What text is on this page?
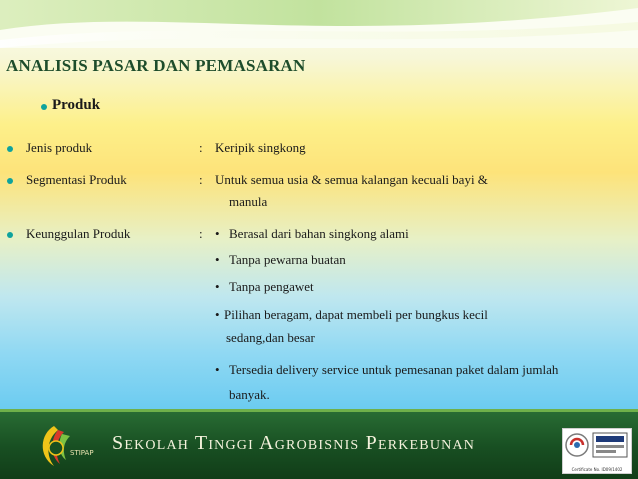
ANALISIS PASAR DAN PEMASARAN
Produk
Jenis produk	: Keripik singkong
Segmentasi Produk	: Untuk semua usia & semua kalangan kecuali bayi &
manula
Keunggulan Produk	: • Berasal dari bahan singkong alami
• Tanpa pewarna buatan
• Tanpa pengawet
• Pilihan beragam, dapat membeli per bungkus kecil
sedang,dan besar
• Tersedia delivery service untuk pemesanan paket dalam jumlah
banyak.
STIPAP Sekolah Tinggi Agrobisnis Perkebunan
Certificate No. ID09/1402
